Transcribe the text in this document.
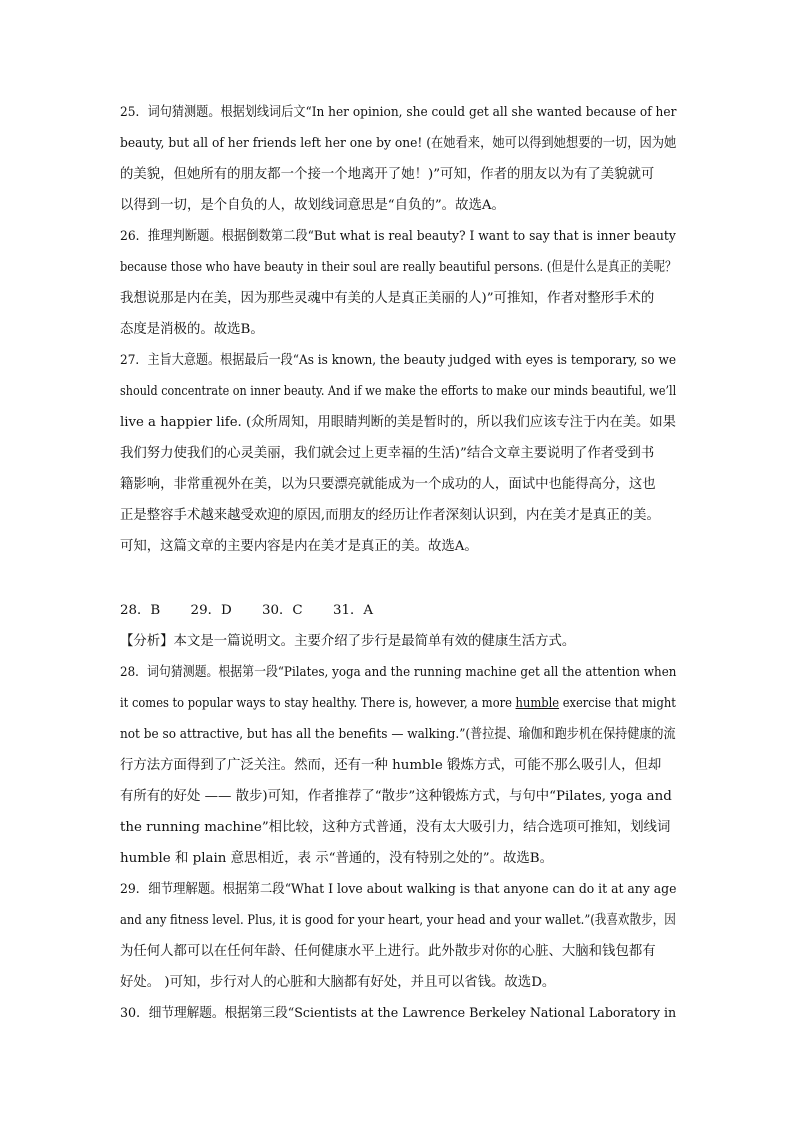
25．词句猜测题。根据划线词后文“In her opinion, she could get all she wanted because of her
beauty, but all of her friends left her one by one! (在她看来，她可以得到她想要的一切，因为她
的美貌，但她所有的朋友都一个接一个地离开了她！)”可知，作者的朋友以为有了美貌就可
以得到一切，是个自负的人，故划线词意思是“自负的”。故选A。
26．推理判断题。根据倒数第二段“But what is real beauty? I want to say that is inner beauty
because those who have beauty in their soul are really beautiful persons. (但是什么是真正的美呢？
我想说那是内在美，因为那些灵魂中有美的人是真正美丽的人)”可推知，作者对整形手术的
态度是消极的。故选B。
27．主旨大意题。根据最后一段“As is known, the beauty judged with eyes is temporary, so we
should concentrate on inner beauty. And if we make the efforts to make our minds beautiful, we’ll
live a happier life. (众所周知，用眼睛判断的美是暂时的，所以我们应该专注于内在美。如果
我们努力使我们的心灵美丽，我们就会过上更幸福的生活)”结合文章主要说明了作者受到书
籍影响，非常重视外在美，以为只要漂亮就能成为一个成功的人，面试中也能得高分，这也
正是整容手术越来越受欢迎的原因,而朋友的经历让作者深刻认识到，内在美才是真正的美。
可知，这篇文章的主要内容是内在美才是真正的美。故选A。
28．B 29．D 30．C 31．A
【分析】本文是一篇说明文。主要介绍了步行是最简单有效的健康生活方式。
28．词句猜测题。根据第一段“Pilates, yoga and the running machine get all the attention when
it comes to popular ways to stay healthy. There is, however, a more humble exercise that might
not be so attractive, but has all the benefits — walking.”(普拉提、瑜伽和跑步机在保持健康的流
行方法方面得到了广泛关注。然而，还有一种 humble 锻炼方式，可能不那么吸引人，但却
有所有的好处 —— 散步)可知，作者推荐了“散步”这种锻炼方式，与句中“Pilates, yoga and
the running machine”相比较，这种方式普通，没有太大吸引力，结合选项可推知，划线词
humble 和 plain 意思相近，表 示“普通的，没有特别之处的”。故选B。
29．细节理解题。根据第二段“What I love about walking is that anyone can do it at any age
and any fitness level. Plus, it is good for your heart, your head and your wallet.”(我喜欢散步，因
为任何人都可以在任何年龄、任何健康水平上进行。此外散步对你的心脏、大脑和钱包都有
好处。 )可知，步行对人的心脏和大脑都有好处，并且可以省钱。故选D。
30．细节理解题。根据第三段“Scientists at the Lawrence Berkeley National Laboratory in
